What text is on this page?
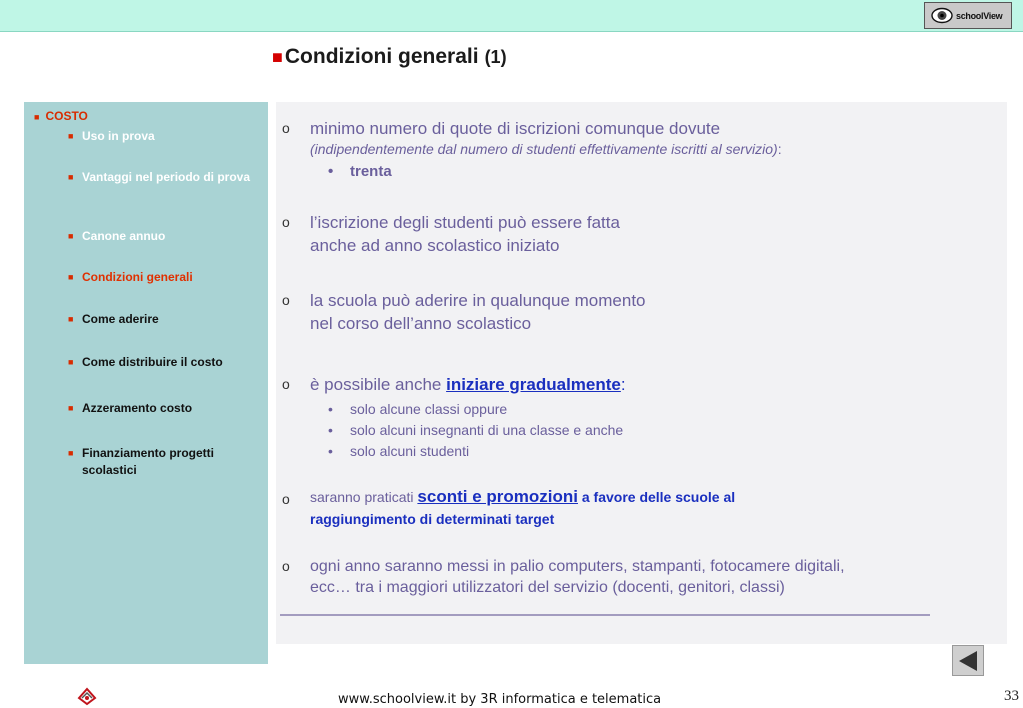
schoolView
■Condizioni generali (1)
■ COSTO
■ Uso in prova
■ Vantaggi nel periodo di prova
■ Canone annuo
■ Condizioni generali
■ Come aderire
■ Come distribuire il costo
■ Azzeramento costo
■ Finanziamento progetti scolastici
o minimo numero di quote di iscrizioni comunque dovute
(indipendentemente dal numero di studenti effettivamente iscritti al servizio):
• trenta
o l’iscrizione degli studenti può essere fatta
anche ad anno scolastico iniziato
o la scuola può aderire in qualunque momento
nel corso dell’anno scolastico
o è possibile anche iniziare gradualmente:
• solo alcune classi oppure
• solo alcuni insegnanti di una classe e anche
• solo alcuni studenti
o saranno praticati sconti e promozioni a favore delle scuole al
raggiungimento di determinati target
o ogni anno saranno messi in palio computers, stampanti, fotocamere digitali,
ecc… tra i maggiori utilizzatori del servizio (docenti, genitori, classi)
www.schoolview.it by 3R informatica e telematica	33
